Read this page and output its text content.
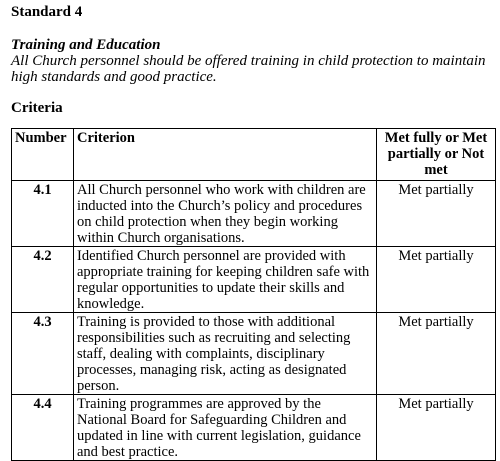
Standard 4
Training and Education
All Church personnel should be offered training in child protection to maintain high standards and good practice.
Criteria
Number	Criterion	Met fully or Met partially or Not met
4.1	All Church personnel who work with children are inducted into the Church’s policy and procedures on child protection when they begin working within Church organisations.	Met partially
4.2	Identified Church personnel are provided with appropriate training for keeping children safe with regular opportunities to update their skills and knowledge.	Met partially
4.3	Training is provided to those with additional responsibilities such as recruiting and selecting staff, dealing with complaints, disciplinary processes, managing risk, acting as designated person.	Met partially
4.4	Training programmes are approved by the National Board for Safeguarding Children and updated in line with current legislation, guidance and best practice.	Met partially
